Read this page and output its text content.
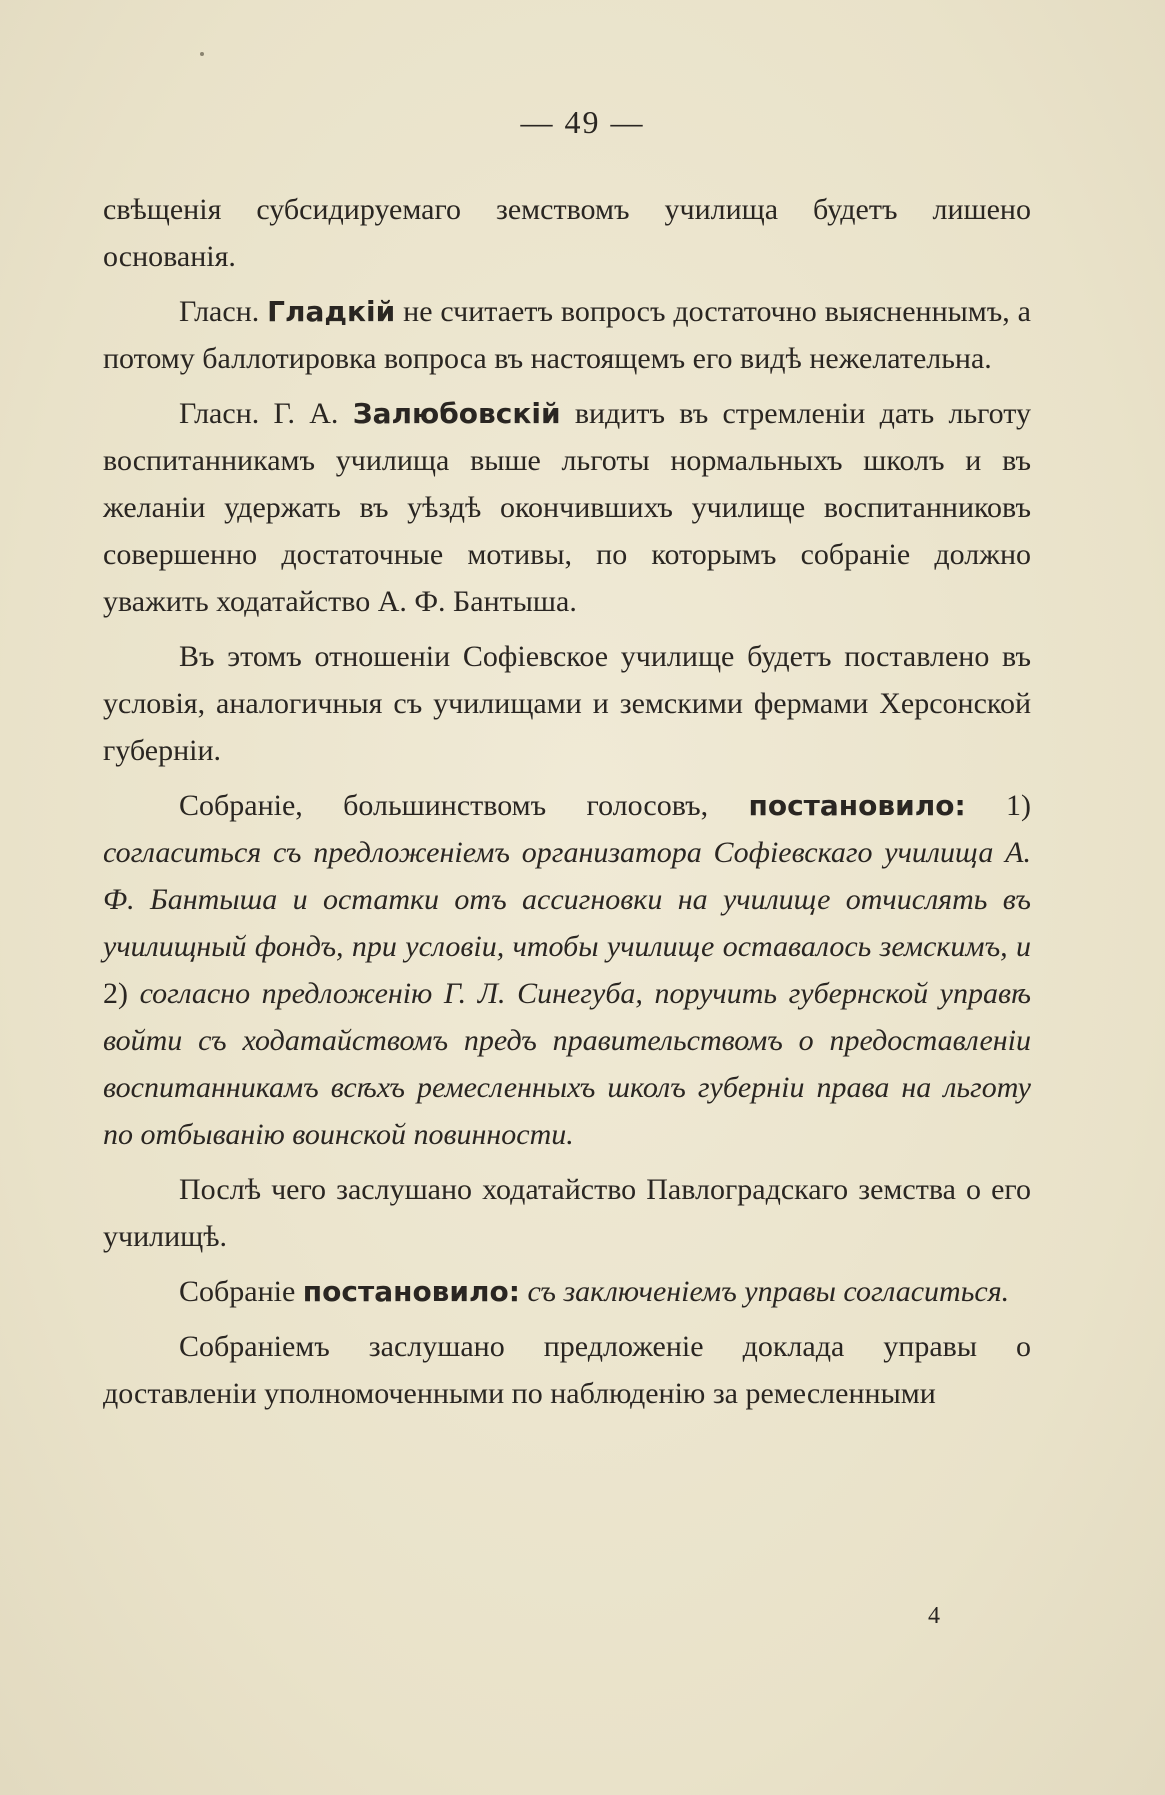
— 49 —

свѣщенія субсидируемаго земствомъ училища будетъ лишено основанія.

Гласн. Гладкій не считаетъ вопросъ достаточно выясненнымъ, а потому баллотировка вопроса въ настоящемъ его видѣ нежелательна.

Гласн. Г. А. Залюбовскій видитъ въ стремленіи дать льготу воспитанникамъ училища выше льготы нормальныхъ школъ и въ желаніи удержать въ уѣздѣ окончившихъ училище воспитанниковъ совершенно достаточные мотивы, по которымъ собраніе должно уважить ходатайство А. Ф. Бантыша.

Въ этомъ отношеніи Софіевское училище будетъ поставлено въ условія, аналогичныя съ училищами и земскими фермами Херсонской губерніи.

Собраніе, большинствомъ голосовъ, постановило: 1) согласиться съ предложеніемъ организатора Софіевскаго училища А. Ф. Бантыша и остатки отъ ассигновки на училище отчислять въ училищный фондъ, при условіи, чтобы училище оставалось земскимъ, и 2) согласно предложенію Г. Л. Синегуба, поручить губернской управѣ войти съ ходатайствомъ предъ правительствомъ о предоставленіи воспитанникамъ всѣхъ ремесленныхъ школъ губерніи права на льготу по отбыванію воинской повинности.

Послѣ чего заслушано ходатайство Павлоградскаго земства о его училищѣ.

Собраніе постановило: съ заключеніемъ управы согласиться.

Собраніемъ заслушано предложеніе доклада управы о доставленіи уполномоченными по наблюденію за ремесленными

4
